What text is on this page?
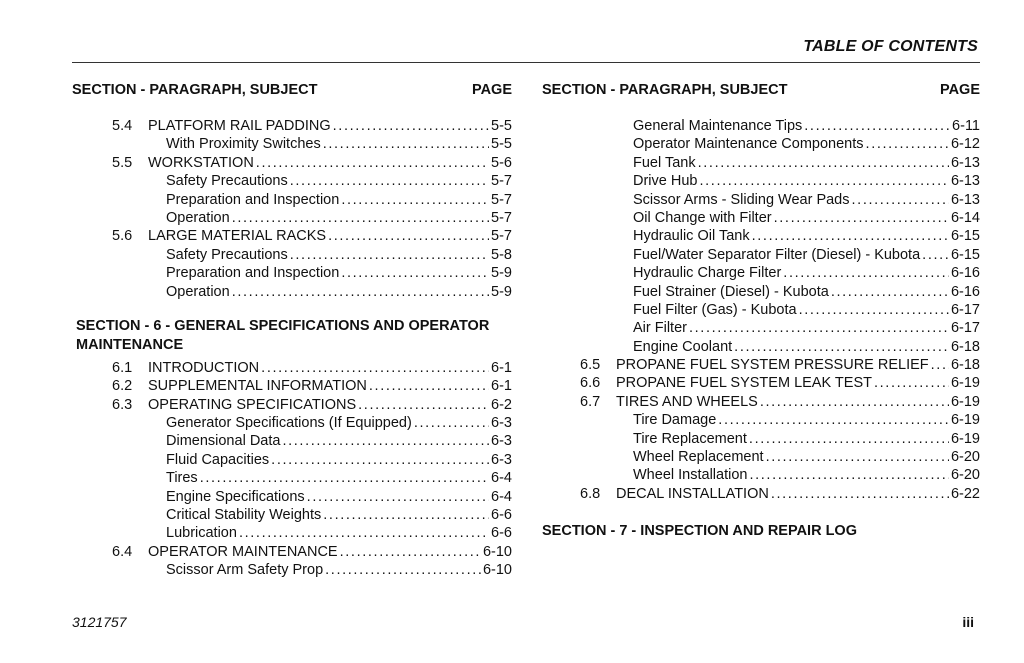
TABLE OF CONTENTS
SECTION - PARAGRAPH, SUBJECT	PAGE
5.4	PLATFORM RAIL PADDING . . .	5-5
With Proximity Switches . . .	5-5
5.5	WORKSTATION . . .	5-6
Safety Precautions . . .	5-7
Preparation and Inspection . . .	5-7
Operation . . .	5-7
5.6	LARGE MATERIAL RACKS . . .	5-7
Safety Precautions . . .	5-8
Preparation and Inspection . . .	5-9
Operation . . .	5-9
SECTION - 6 - GENERAL SPECIFICATIONS AND OPERATOR MAINTENANCE
6.1	INTRODUCTION . . .	6-1
6.2	SUPPLEMENTAL INFORMATION . . .	6-1
6.3	OPERATING SPECIFICATIONS . . .	6-2
Generator Specifications (If Equipped) . . .	6-3
Dimensional Data . . .	6-3
Fluid Capacities . . .	6-3
Tires . . .	6-4
Engine Specifications . . .	6-4
Critical Stability Weights . . .	6-6
Lubrication . . .	6-6
6.4	OPERATOR MAINTENANCE . . .	6-10
Scissor Arm Safety Prop . . .	6-10
SECTION - PARAGRAPH, SUBJECT	PAGE
General Maintenance Tips . . .	6-11
Operator Maintenance Components . . .	6-12
Fuel Tank . . .	6-13
Drive Hub . . .	6-13
Scissor Arms - Sliding Wear Pads . . .	6-13
Oil Change with Filter . . .	6-14
Hydraulic Oil Tank . . .	6-15
Fuel/Water Separator Filter (Diesel) - Kubota . . . 6-15
Hydraulic Charge Filter . . .	6-16
Fuel Strainer (Diesel) - Kubota . . .	6-16
Fuel Filter (Gas) - Kubota . . .	6-17
Air Filter . . .	6-17
Engine Coolant . . .	6-18
6.5	PROPANE FUEL SYSTEM PRESSURE RELIEF . . . 6-18
6.6	PROPANE FUEL SYSTEM LEAK TEST . . .	6-19
6.7	TIRES AND WHEELS . . .	6-19
Tire Damage . . .	6-19
Tire Replacement . . .	6-19
Wheel Replacement . . .	6-20
Wheel Installation . . .	6-20
6.8	DECAL INSTALLATION . . .	6-22
SECTION - 7 - INSPECTION AND REPAIR LOG
3121757	iii
